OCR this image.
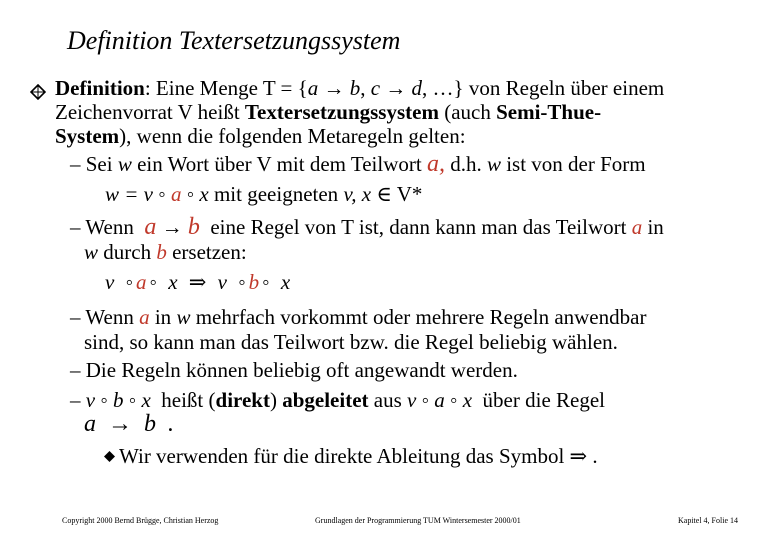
Definition Textersetzungssystem
Definition: Eine Menge T = {a → b, c → d, …} von Regeln über einem
Zeichenvorrat V heißt Textersetzungssystem (auch Semi-Thue-
System), wenn die folgenden Metaregeln gelten:
– Sei w ein Wort über V mit dem Teilwort a, d.h. w ist von der Form
w = v ◦ a ◦ x mit geeigneten v, x ∈ V*
– Wenn a → b eine Regel von T ist, dann kann man das Teilwort a in
w durch b ersetzen:
v ◦a◦ x ⇒ v ◦b◦ x
– Wenn a in w mehrfach vorkommt oder mehrere Regeln anwendbar
sind, so kann man das Teilwort bzw. die Regel beliebig wählen.
– Die Regeln können beliebig oft angewandt werden.
– v ◦ b ◦ x heißt (direkt) abgeleitet aus v ◦ a ◦ x über die Regel
a → b .
Wir verwenden für die direkte Ableitung das Symbol ⇒ .
Copyright 2000 Bernd Brügge, Christian Herzog	Grundlagen der Programmierung TUM Wintersemester 2000/01	Kapitel 4, Folie 14
